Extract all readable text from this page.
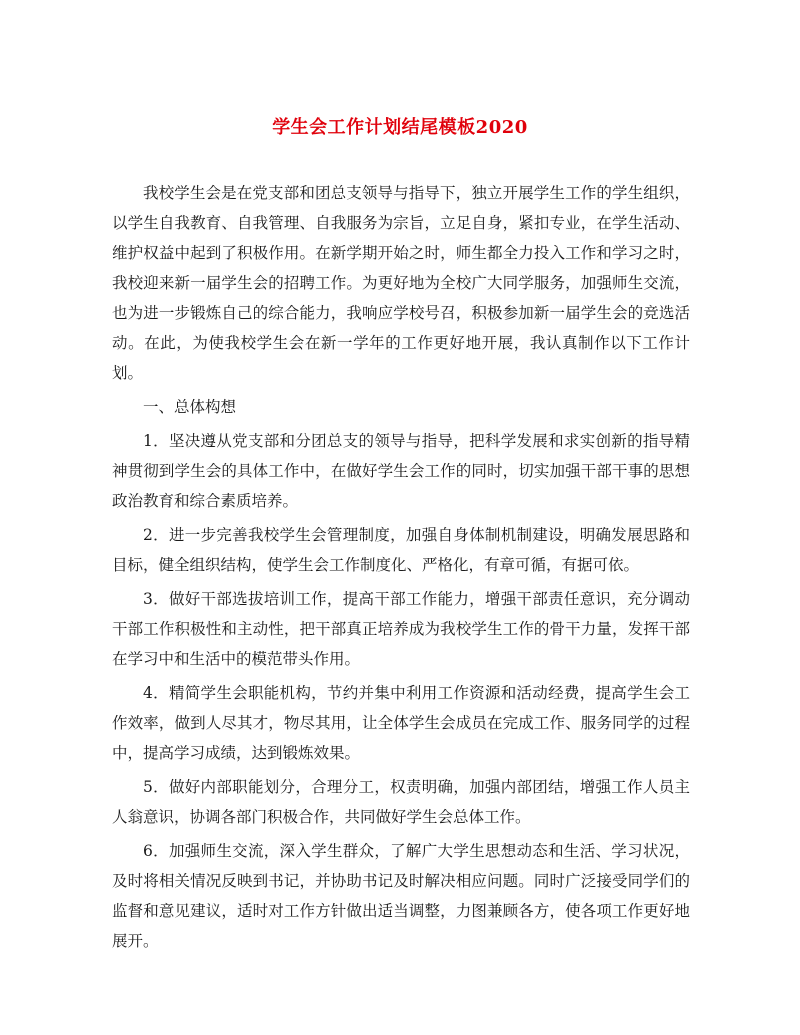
学生会工作计划结尾模板2020

我校学生会是在党支部和团总支领导与指导下，独立开展学生工作的学生组织，以学生自我教育、自我管理、自我服务为宗旨，立足自身，紧扣专业，在学生活动、维护权益中起到了积极作用。在新学期开始之时，师生都全力投入工作和学习之时，我校迎来新一届学生会的招聘工作。为更好地为全校广大同学服务，加强师生交流，也为进一步锻炼自己的综合能力，我响应学校号召，积极参加新一届学生会的竞选活动。在此，为使我校学生会在新一学年的工作更好地开展，我认真制作以下工作计划。

一、总体构想

1．坚决遵从党支部和分团总支的领导与指导，把科学发展和求实创新的指导精神贯彻到学生会的具体工作中，在做好学生会工作的同时，切实加强干部干事的思想政治教育和综合素质培养。

2．进一步完善我校学生会管理制度，加强自身体制机制建设，明确发展思路和目标，健全组织结构，使学生会工作制度化、严格化，有章可循，有据可依。

3．做好干部选拔培训工作，提高干部工作能力，增强干部责任意识，充分调动干部工作积极性和主动性，把干部真正培养成为我校学生工作的骨干力量，发挥干部在学习中和生活中的模范带头作用。

4．精简学生会职能机构，节约并集中利用工作资源和活动经费，提高学生会工作效率，做到人尽其才，物尽其用，让全体学生会成员在完成工作、服务同学的过程中，提高学习成绩，达到锻炼效果。

5．做好内部职能划分，合理分工，权责明确，加强内部团结，增强工作人员主人翁意识，协调各部门积极合作，共同做好学生会总体工作。

6．加强师生交流，深入学生群众，了解广大学生思想动态和生活、学习状况，及时将相关情况反映到书记，并协助书记及时解决相应问题。同时广泛接受同学们的监督和意见建议，适时对工作方针做出适当调整，力图兼顾各方，使各项工作更好地展开。
